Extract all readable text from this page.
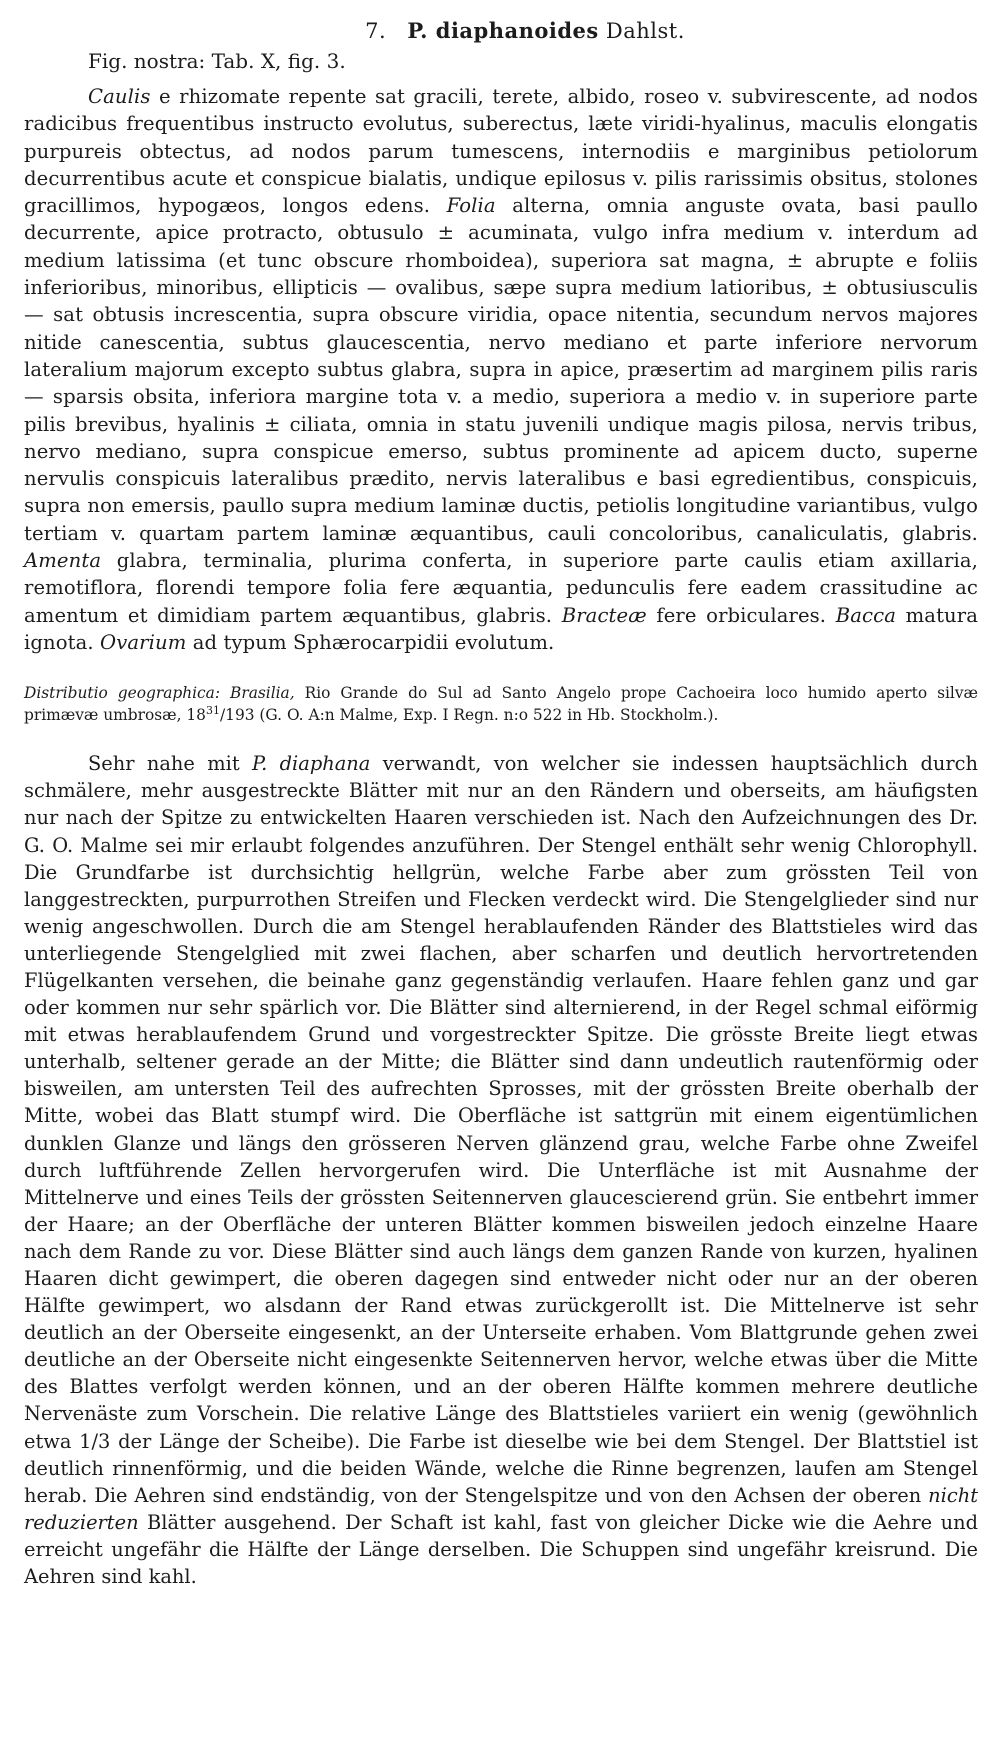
7. P. diaphanoides Dahlst.
Fig. nostra: Tab. X, fig. 3.

Caulis e rhizomate repente sat gracili, terete, albido, roseo v. subvirescente, ad nodos radicibus frequentibus instructo evolutus, suberectus, læte viridi-hyalinus, maculis elongatis purpureis obtectus, ad nodos parum tumescens, internodiis e marginibus petiolorum decurrentibus acute et conspicue bialatis, undique epilosus v. pilis rarissimis obsitus, stolones gracillimos, hypogæos, longos edens. Folia alterna, omnia anguste ovata, basi paullo decurrente, apice protracto, obtusulo ± acuminata, vulgo infra medium v. interdum ad medium latissima (et tunc obscure rhomboidea), superiora sat magna, ± abrupte e foliis inferioribus, minoribus, ellipticis — ovalibus, sæpe supra medium latioribus, ± obtusiusculis — sat obtusis increscentia, supra obscure viridia, opace nitentia, secundum nervos majores nitide canescentia, subtus glaucescentia, nervo mediano et parte inferiore nervorum lateralium majorum excepto subtus glabra, supra in apice, præsertim ad marginem pilis raris — sparsis obsita, inferiora margine tota v. a medio, superiora a medio v. in superiore parte pilis brevibus, hyalinis ± ciliata, omnia in statu juvenili undique magis pilosa, nervis tribus, nervo mediano, supra conspicue emerso, subtus prominente ad apicem ducto, superne nervulis conspicuis lateralibus prædito, nervis lateralibus e basi egredientibus, conspicuis, supra non emersis, paullo supra medium laminæ ductis, petiolis longitudine variantibus, vulgo tertiam v. quartam partem laminæ æquantibus, cauli concoloribus, canaliculatis, glabris. Amenta glabra, terminalia, plurima conferta, in superiore parte caulis etiam axillaria, remotiflora, florendi tempore folia fere æquantia, pedunculis fere eadem crassitudine ac amentum et dimidiam partem æquantibus, glabris. Bracteæ fere orbiculares. Bacca matura ignota. Ovarium ad typum Sphærocarpidii evolutum.

Distributio geographica: Brasilia, Rio Grande do Sul ad Santo Angelo prope Cachoeira loco humido aperto silvæ primævæ umbrosæ, $18^{31}/193$ (G. O. A:n Malme, Exp. I Regn. n:o 522 in Hb. Stockholm.).

Sehr nahe mit P. diaphana verwandt, von welcher sie indessen hauptsächlich durch schmälere, mehr ausgestreckte Blätter mit nur an den Rändern und oberseits, am häufigsten nur nach der Spitze zu entwickelten Haaren verschieden ist. Nach den Aufzeichnungen des Dr. G. O. Malme sei mir erlaubt folgendes anzuführen. Der Stengel enthält sehr wenig Chlorophyll. Die Grundfarbe ist durchsichtig hellgrün, welche Farbe aber zum grössten Teil von langgestreckten, purpurrothen Streifen und Flecken verdeckt wird. Die Stengelglieder sind nur wenig angeschwollen. Durch die am Stengel herablaufenden Ränder des Blattstieles wird das unterliegende Stengelglied mit zwei flachen, aber scharfen und deutlich hervortretenden Flügelkanten versehen, die beinahe ganz gegenständig verlaufen. Haare fehlen ganz und gar oder kommen nur sehr spärlich vor. Die Blätter sind alternierend, in der Regel schmal eiförmig mit etwas herablaufendem Grund und vorgestreckter Spitze. Die grösste Breite liegt etwas unterhalb, seltener gerade an der Mitte; die Blätter sind dann undeutlich rautenförmig oder bisweilen, am untersten Teil des aufrechten Sprosses, mit der grössten Breite oberhalb der Mitte, wobei das Blatt stumpf wird. Die Oberfläche ist sattgrün mit einem eigentümlichen dunklen Glanze und längs den grösseren Nerven glänzend grau, welche Farbe ohne Zweifel durch luftführende Zellen hervorgerufen wird. Die Unterfläche ist mit Ausnahme der Mittelnerve und eines Teils der grössten Seitennerven glaucescierend grün. Sie entbehrt immer der Haare; an der Oberfläche der unteren Blätter kommen bisweilen jedoch einzelne Haare nach dem Rande zu vor. Diese Blätter sind auch längs dem ganzen Rande von kurzen, hyalinen Haaren dicht gewimpert, die oberen dagegen sind entweder nicht oder nur an der oberen Hälfte gewimpert, wo alsdann der Rand etwas zurückgerollt ist. Die Mittelnerve ist sehr deutlich an der Oberseite eingesenkt, an der Unterseite erhaben. Vom Blattgrunde gehen zwei deutliche an der Oberseite nicht eingesenkte Seitennerven hervor, welche etwas über die Mitte des Blattes verfolgt werden können, und an der oberen Hälfte kommen mehrere deutliche Nervenäste zum Vorschein. Die relative Länge des Blattstieles variiert ein wenig (gewöhnlich etwa 1/3 der Länge der Scheibe). Die Farbe ist dieselbe wie bei dem Stengel. Der Blattstiel ist deutlich rinnenförmig, und die beiden Wände, welche die Rinne begrenzen, laufen am Stengel herab. Die Aehren sind endständig, von der Stengelspitze und von den Achsen der oberen nicht reduzierten Blätter ausgehend. Der Schaft ist kahl, fast von gleicher Dicke wie die Aehre und erreicht ungefähr die Hälfte der Länge derselben. Die Schuppen sind ungefähr kreisrund. Die Aehren sind kahl.
